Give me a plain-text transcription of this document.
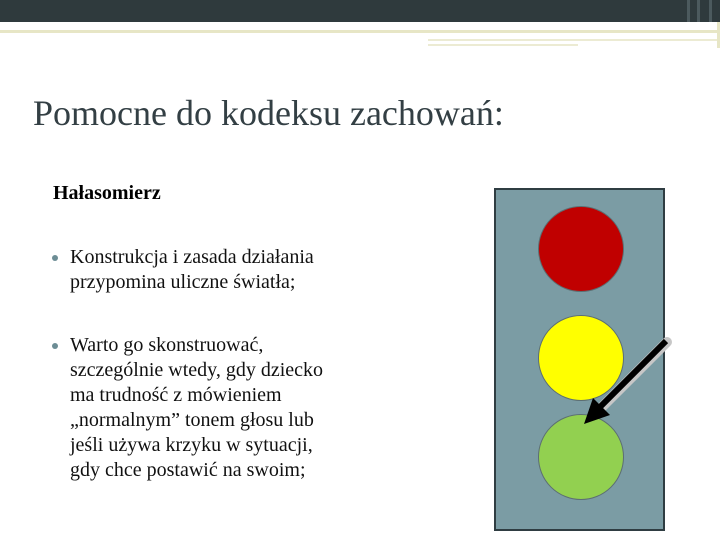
Pomocne do kodeksu zachowań:
Hałasomierz
Konstrukcja i zasada działania
przypomina uliczne światła;
Warto go skonstruować,
szczególnie wtedy, gdy dziecko
ma trudność z mówieniem
„normalnym” tonem głosu lub
jeśli używa krzyku w sytuacji,
gdy chce postawić na swoim;
